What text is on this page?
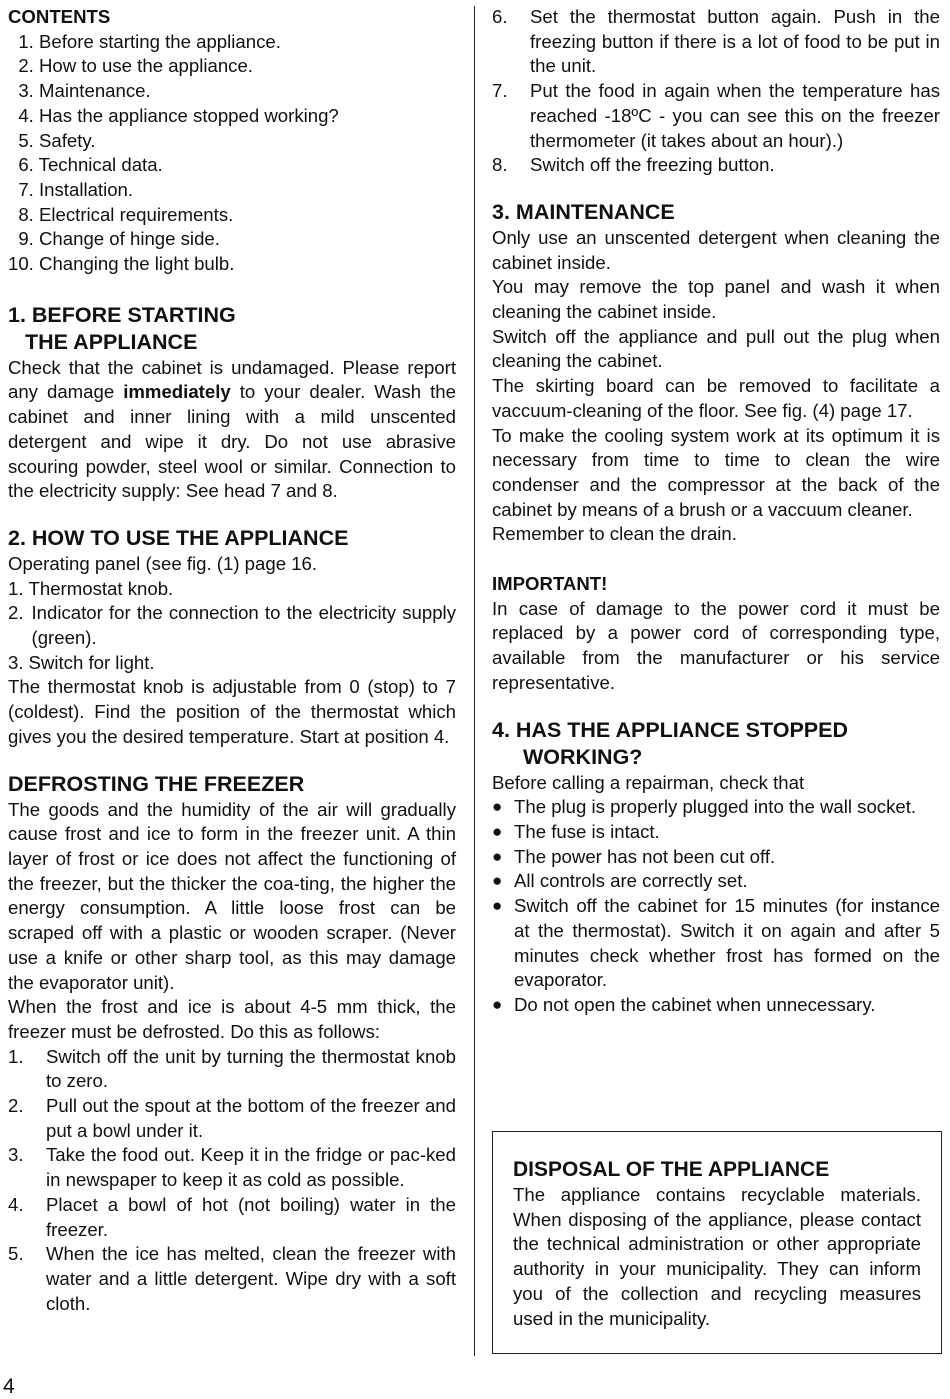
CONTENTS

1. Before starting the appliance.
2. How to use the appliance.
3. Maintenance.
4. Has the appliance stopped working?
5. Safety.
6. Technical data.
7. Installation.
8. Electrical requirements.
9. Change of hinge side.
10. Changing the light bulb.

1. BEFORE STARTING

THE APPLIANCE

Check that the cabinet is undamaged. Please report any damage immediately to your dealer. Wash the cabinet and inner lining with a mild unscented detergent and wipe it dry. Do not use abrasive scouring powder, steel wool or similar. Connection to the electricity supply: See head 7 and 8.

2. HOW TO USE THE APPLIANCE

Operating panel (see fig. (1) page 16.

1. Thermostat knob.
2. Indicator for the connection to the electricity supply (green).
3. Switch for light.

The thermostat knob is adjustable from 0 (stop) to 7 (coldest). Find the position of the thermostat which gives you the desired temperature. Start at position 4.

DEFROSTING THE FREEZER

The goods and the humidity of the air will gradually cause frost and ice to form in the freezer unit. A thin layer of frost or ice does not affect the functioning of the freezer, but the thicker the coa-ting, the higher the energy consumption. A little loose frost can be scraped off with a plastic or wooden scraper. (Never use a knife or other sharp tool, as this may damage the evaporator unit).

When the frost and ice is about 4-5 mm thick, the freezer must be defrosted. Do this as follows:

1.	Switch off the unit by turning the thermostat knob to zero.
2.	Pull out the spout at the bottom of the freezer and put a bowl under it.
3.	Take the food out. Keep it in the fridge or pac-ked in newspaper to keep it as cold as possible.
4.	Placet a bowl of hot (not boiling) water in the freezer.
5.	When the ice has melted, clean the freezer with water and a little detergent. Wipe dry with a soft cloth.
6.	Set the thermostat button again. Push in the freezing button if there is a lot of food to be put in the unit.
7.	Put the food in again when the temperature has reached -18ºC - you can see this on the freezer thermometer (it takes about an hour).)
8.	Switch off the freezing button.

3. MAINTENANCE

Only use an unscented detergent when cleaning the cabinet inside.

You may remove the top panel and wash it when cleaning the cabinet inside.

Switch off the appliance and pull out the plug when cleaning the cabinet.

The skirting board can be removed to facilitate a vaccuum-cleaning of the floor. See fig. (4) page 17.

To make the cooling system work at its optimum it is necessary from time to time to clean the wire condenser and the compressor at the back of the cabinet by means of a brush or a vaccuum cleaner.

Remember to clean the drain.

IMPORTANT!

In case of damage to the power cord it must be replaced by a power cord of corresponding type, available from the manufacturer or his service representative.

4. HAS THE APPLIANCE STOPPED

WORKING?

Before calling a repairman, check that

● The plug is properly plugged into the wall socket.
● The fuse is intact.
● The power has not been cut off.
● All controls are correctly set.
● Switch off the cabinet for 15 minutes (for instance at the thermostat). Switch it on again and after 5 minutes check whether frost has formed on the evaporator.
● Do not open the cabinet when unnecessary.

DISPOSAL OF THE APPLIANCE

The appliance contains recyclable materials. When disposing of the appliance, please contact the technical administration or other appropriate authority in your municipality. They can inform you of the collection and recycling measures used in the municipality.

4
